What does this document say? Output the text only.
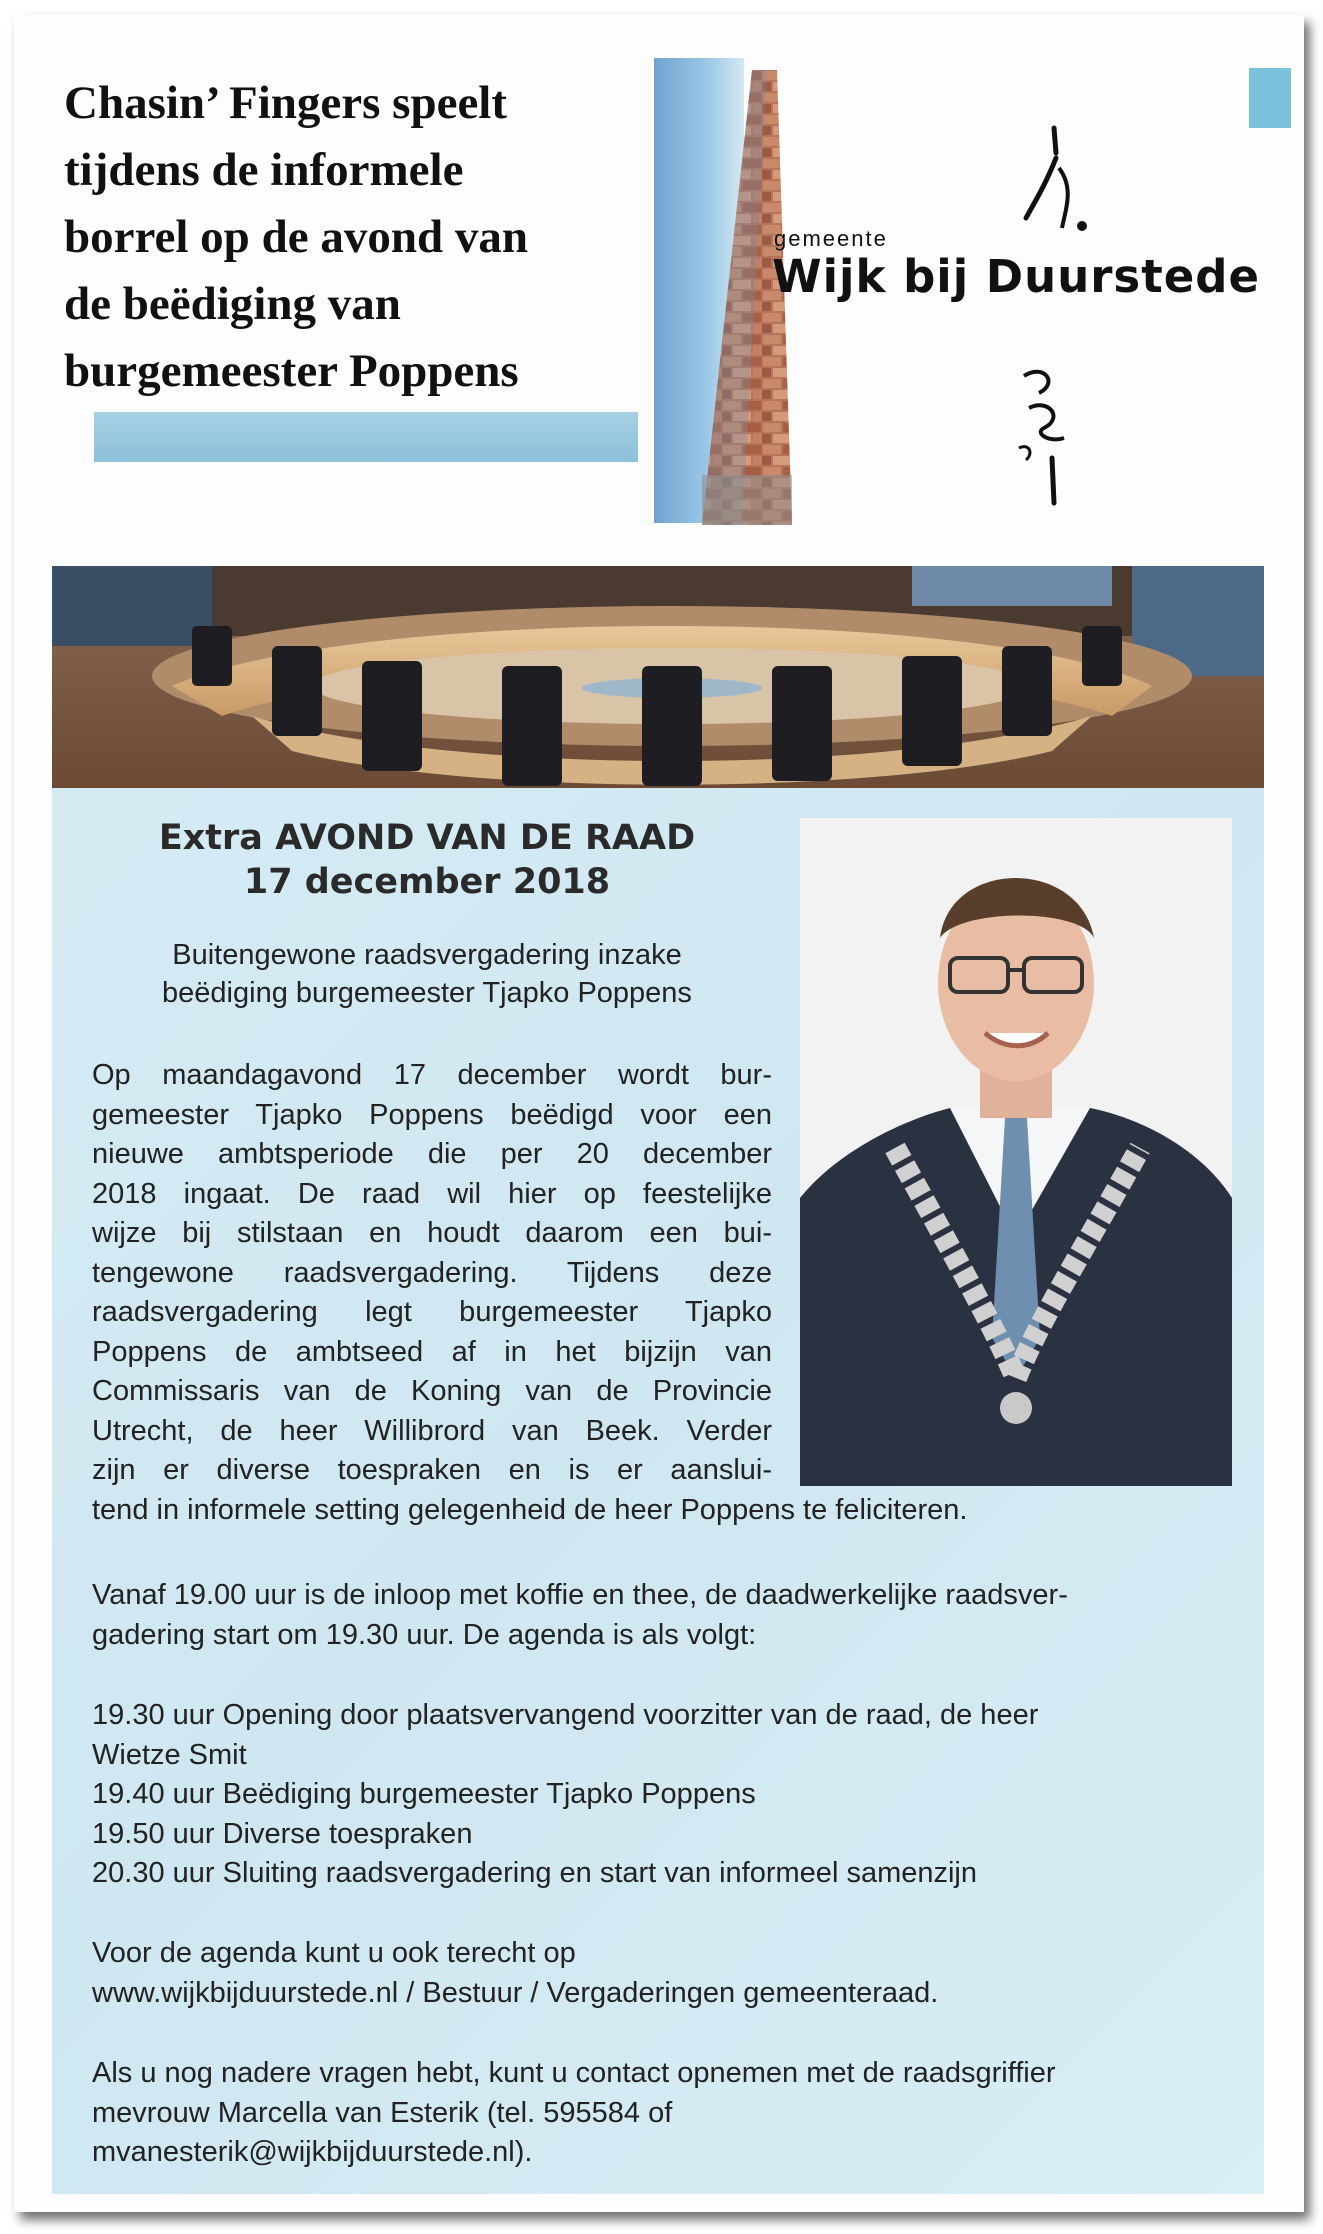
Chasin’ Fingers speelt
tijdens de informele
borrel op de avond van
de beëdiging van
burgemeester Poppens
gemeente
Wijk bij Duurstede
Extra AVOND VAN DE RAAD
17 december 2018

Buitengewone raadsvergadering inzake
beëdiging burgemeester Tjapko Poppens

Op maandagavond 17 december wordt bur-
gemeester Tjapko Poppens beëdigd voor een
nieuwe ambtsperiode die per 20 december
2018 ingaat. De raad wil hier op feestelijke
wijze bij stilstaan en houdt daarom een bui-
tengewone raadsvergadering. Tijdens deze
raadsvergadering legt burgemeester Tjapko
Poppens de ambtseed af in het bijzijn van
Commissaris van de Koning van de Provincie
Utrecht, de heer Willibrord van Beek. Verder
zijn er diverse toespraken en is er aanslui-
tend in informele setting gelegenheid de heer Poppens te feliciteren.

Vanaf 19.00 uur is de inloop met koffie en thee, de daadwerkelijke raadsver-
gadering start om 19.30 uur. De agenda is als volgt:

19.30 uur Opening door plaatsvervangend voorzitter van de raad, de heer
Wietze Smit
19.40 uur Beëdiging burgemeester Tjapko Poppens
19.50 uur Diverse toespraken
20.30 uur Sluiting raadsvergadering en start van informeel samenzijn

Voor de agenda kunt u ook terecht op
www.wijkbijduurstede.nl / Bestuur / Vergaderingen gemeenteraad.

Als u nog nadere vragen hebt, kunt u contact opnemen met de raadsgriffier
mevrouw Marcella van Esterik (tel. 595584 of
mvanesterik@wijkbijduurstede.nl).
